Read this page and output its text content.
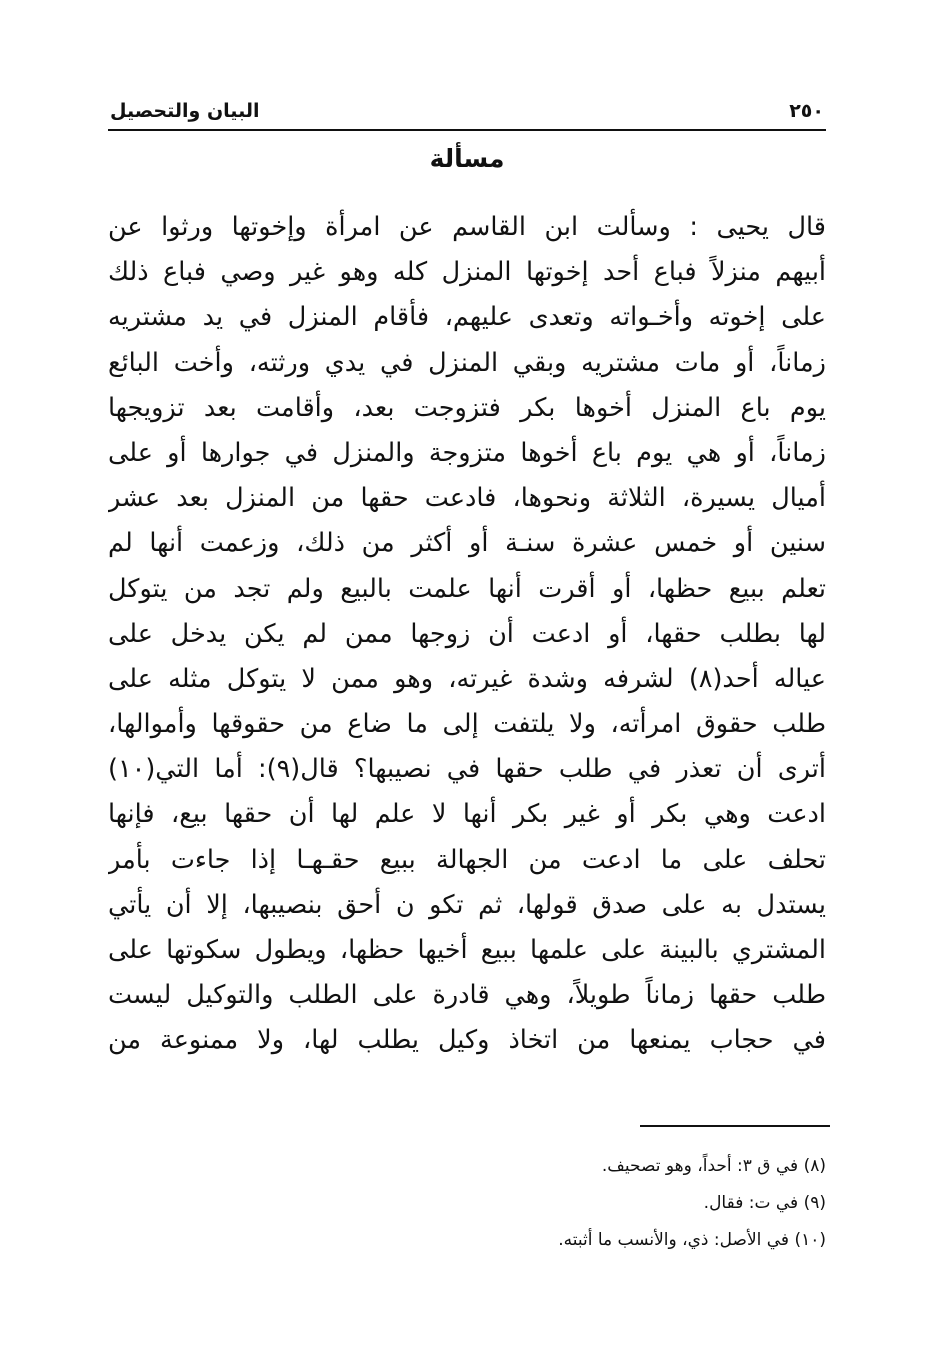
٢٥٠
البيان والتحصيل
مسألة
قال يحيى : وسألت ابن القاسم عن امرأة وإخوتها ورثوا عن
أبيهم منزلاً فباع أحد إخوتها المنزل كله وهو غير وصي فباع ذلك
على إخوته وأخـواته وتعدى عليهم، فأقام المنزل في يد مشتريه
زماناً، أو مات مشتريه وبقي المنزل في يدي ورثته، وأخت البائع
يوم باع المنزل أخوها بكر فتزوجت بعد، وأقامت بعد تزويجها
زماناً، أو هي يوم باع أخوها متزوجة والمنزل في جوارها أو على
أميال يسيرة، الثلاثة ونحوها، فادعت حقها من المنزل بعد عشر
سنين أو خمس عشرة سنـة أو أكثر من ذلك، وزعمت أنها لم
تعلم ببيع حظها، أو أقرت أنها علمت بالبيع ولم تجد من يتوكل
لها بطلب حقها، أو ادعت أن زوجها ممن لم يكن يدخل على
عياله أحد(٨) لشرفه وشدة غيرته، وهو ممن لا يتوكل مثله على
طلب حقوق امرأته، ولا يلتفت إلى ما ضاع من حقوقها وأموالها،
أترى أن تعذر في طلب حقها في نصيبها؟ قال(٩): أما التي(١٠)
ادعت وهي بكر أو غير بكر أنها لا علم لها أن حقها بيع، فإنها
تحلف على ما ادعت من الجهالة ببيع حقـهـا إذا جاءت بأمر
يستدل به على صدق قولها، ثم تكو ن أحق بنصيبها، إلا أن يأتي
المشتري بالبينة على علمها ببيع أخيها حظها، ويطول سكوتها على
طلب حقها زماناً طويلاً، وهي قادرة على الطلب والتوكيل ليست
في حجاب يمنعها من اتخاذ وكيل يطلب لها، ولا ممنوعة من
(٨) في ق ٣: أحداً، وهو تصحيف.
(٩) في ت: فقال.
(١٠) في الأصل: ذي، والأنسب ما أثبته.
